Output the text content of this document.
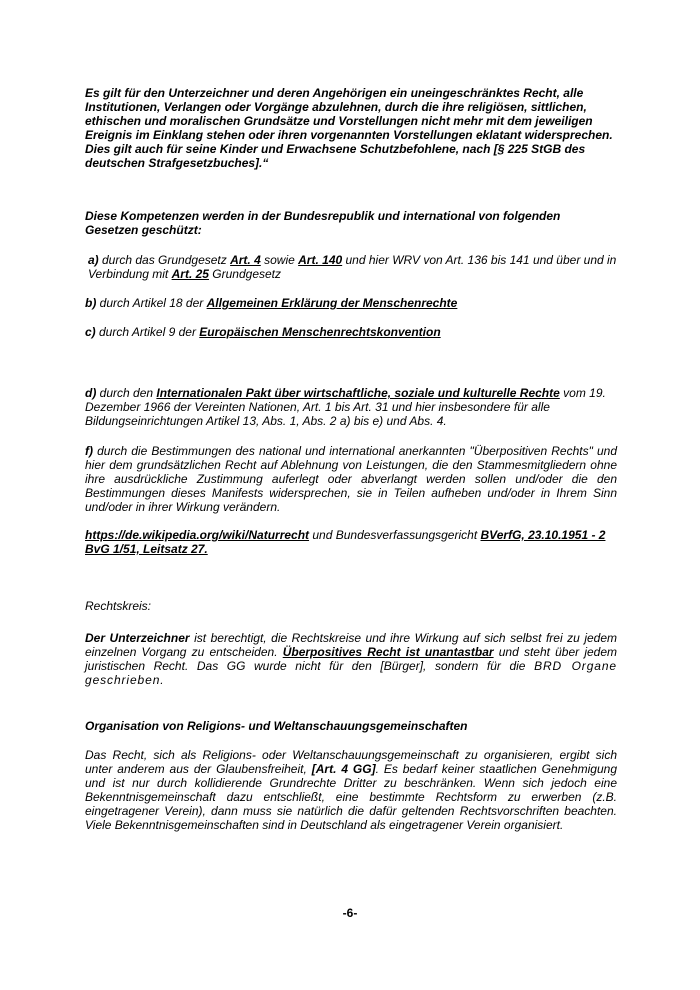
Es gilt für den Unterzeichner und deren Angehörigen ein uneingeschränktes Recht, alle Institutionen, Verlangen oder Vorgänge abzulehnen, durch die ihre religiösen, sittlichen, ethischen und moralischen Grundsätze und Vorstellungen nicht mehr mit dem jeweiligen Ereignis im Einklang stehen oder ihren vorgenannten Vorstellungen eklatant widersprechen. Dies gilt auch für seine Kinder und Erwachsene Schutzbefohlene, nach [§ 225 StGB des deutschen Strafgesetzbuches].“

Diese Kompetenzen werden in der Bundesrepublik und international von folgenden Gesetzen geschützt:

a) durch das Grundgesetz Art. 4 sowie Art. 140 und hier WRV von Art. 136 bis 141 und über und in Verbindung mit Art. 25 Grundgesetz

b) durch Artikel 18 der Allgemeinen Erklärung der Menschenrechte

c) durch Artikel 9 der Europäischen Menschenrechtskonvention

d) durch den Internationalen Pakt über wirtschaftliche, soziale und kulturelle Rechte vom 19. Dezember 1966 der Vereinten Nationen, Art. 1 bis Art. 31 und hier insbesondere für alle Bildungseinrichtungen Artikel 13, Abs. 1, Abs. 2 a) bis e) und Abs. 4.

f) durch die Bestimmungen des national und international anerkannten "Überpositiven Rechts" und hier dem grundsätzlichen Recht auf Ablehnung von Leistungen, die den Stammesmitgliedern ohne ihre ausdrückliche Zustimmung auferlegt oder abverlangt werden sollen und/oder die den Bestimmungen dieses Manifests widersprechen, sie in Teilen aufheben und/oder in Ihrem Sinn und/oder in ihrer Wirkung verändern.

https://de.wikipedia.org/wiki/Naturrecht und Bundesverfassungsgericht BVerfG, 23.10.1951 - 2 BvG 1/51, Leitsatz 27.

Rechtskreis:

Der Unterzeichner ist berechtigt, die Rechtskreise und ihre Wirkung auf sich selbst frei zu jedem einzelnen Vorgang zu entscheiden. Überpositives Recht ist unantastbar und steht über jedem juristischen Recht. Das GG wurde nicht für den [Bürger], sondern für die BRD Organe geschrieben.

Organisation von Religions- und Weltanschauungsgemeinschaften

Das Recht, sich als Religions- oder Weltanschauungsgemeinschaft zu organisieren, ergibt sich unter anderem aus der Glaubensfreiheit, [Art. 4 GG]. Es bedarf keiner staatlichen Genehmigung und ist nur durch kollidierende Grundrechte Dritter zu beschränken. Wenn sich jedoch eine Bekenntnisgemeinschaft dazu entschließt, eine bestimmte Rechtsform zu erwerben (z.B. eingetragener Verein), dann muss sie natürlich die dafür geltenden Rechtsvorschriften beachten. Viele Bekenntnisgemeinschaften sind in Deutschland als eingetragener Verein organisiert.

-6-
